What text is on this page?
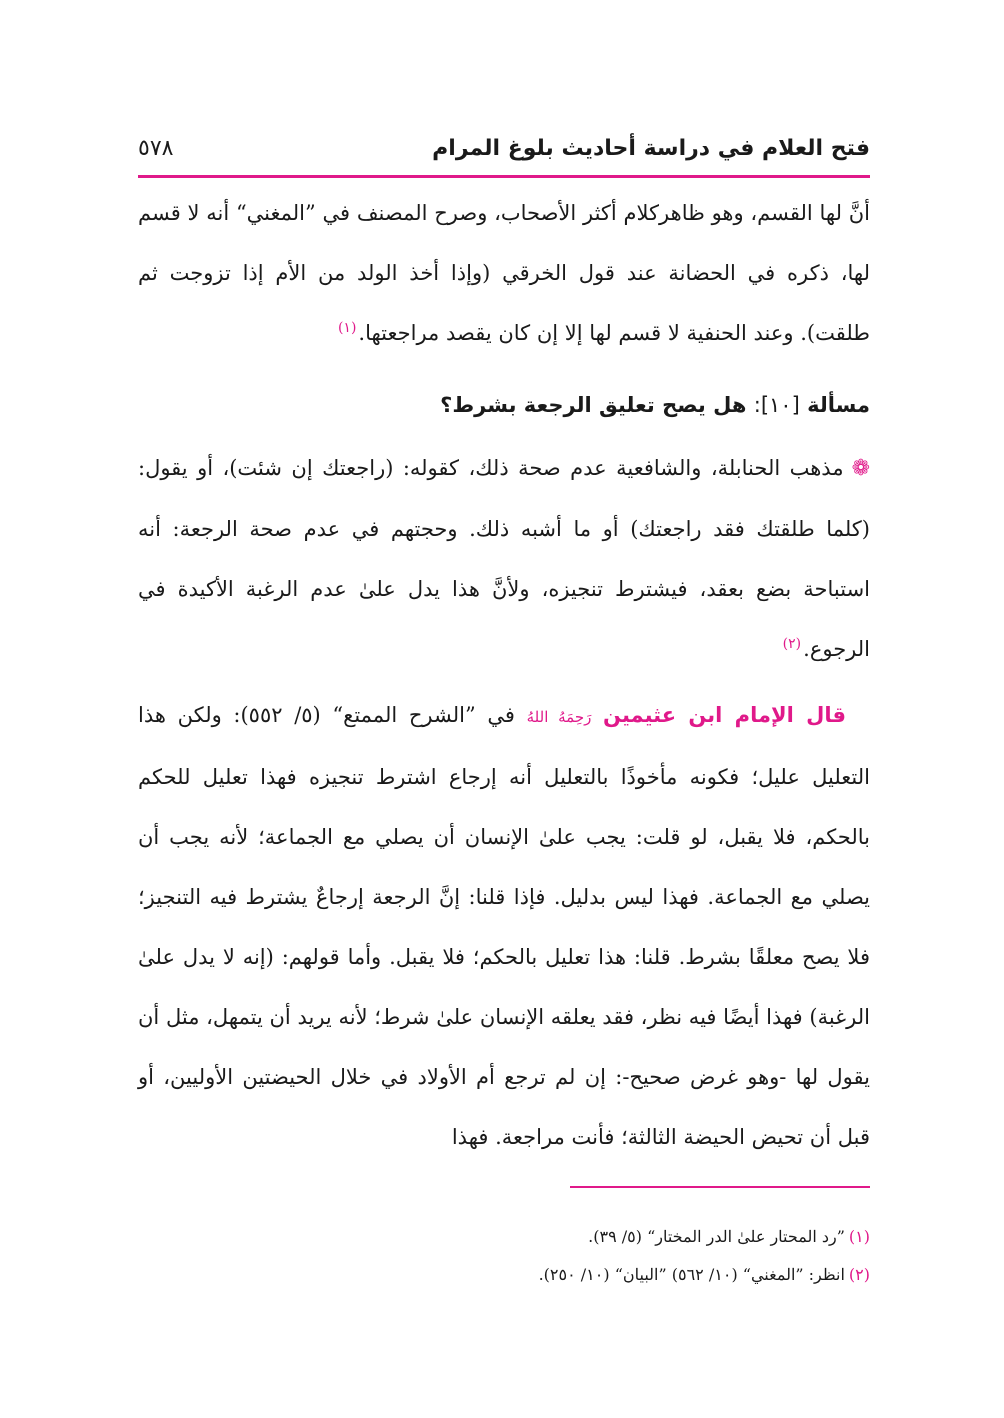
فتح العلام في دراسة أحاديث بلوغ المرام
٥٧٨

أنَّ لها القسم، وهو ظاهركلام أكثر الأصحاب، وصرح المصنف في ”المغني“ أنه لا قسم لها، ذكره في الحضانة عند قول الخرقي (وإذا أخذ الولد من الأم إذا تزوجت ثم طلقت). وعند الحنفية لا قسم لها إلا إن كان يقصد مراجعتها.$^{(١)}$

مسألة [١٠]: هل يصح تعليق الرجعة بشرط؟

❁مذهب الحنابلة، والشافعية عدم صحة ذلك، كقوله: (راجعتك إن شئت)، أو يقول: (كلما طلقتك فقد راجعتك) أو ما أشبه ذلك. وحجتهم في عدم صحة الرجعة: أنه استباحة بضع بعقد، فيشترط تنجيزه، ولأنَّ هذا يدل علىٰ عدم الرغبة الأكيدة في الرجوع.$^{(٢)}$

قال الإمام ابن عثيمين رَحِمَهُ اللهُ في ”الشرح الممتع“ (٥/ ٥٥٢): ولكن هذا التعليل عليل؛ فكونه مأخوذًا بالتعليل أنه إرجاع اشترط تنجيزه فهذا تعليل للحكم بالحكم، فلا يقبل، لو قلت: يجب علىٰ الإنسان أن يصلي مع الجماعة؛ لأنه يجب أن يصلي مع الجماعة. فهذا ليس بدليل. فإذا قلنا: إنَّ الرجعة إرجاعٌ يشترط فيه التنجيز؛ فلا يصح معلقًا بشرط. قلنا: هذا تعليل بالحكم؛ فلا يقبل. وأما قولهم: (إنه لا يدل علىٰ الرغبة) فهذا أيضًا فيه نظر، فقد يعلقه الإنسان علىٰ شرط؛ لأنه يريد أن يتمهل، مثل أن يقول لها -وهو غرض صحيح-: إن لم ترجع أم الأولاد في خلال الحيضتين الأوليين، أو قبل أن تحيض الحيضة الثالثة؛ فأنت مراجعة. فهذا

(١)”رد المحتار علىٰ الدر المختار“ (٥/ ٣٩).
(٢)انظر: ”المغني“ (١٠/ ٥٦٢) ”البيان“ (١٠/ ٢٥٠).
